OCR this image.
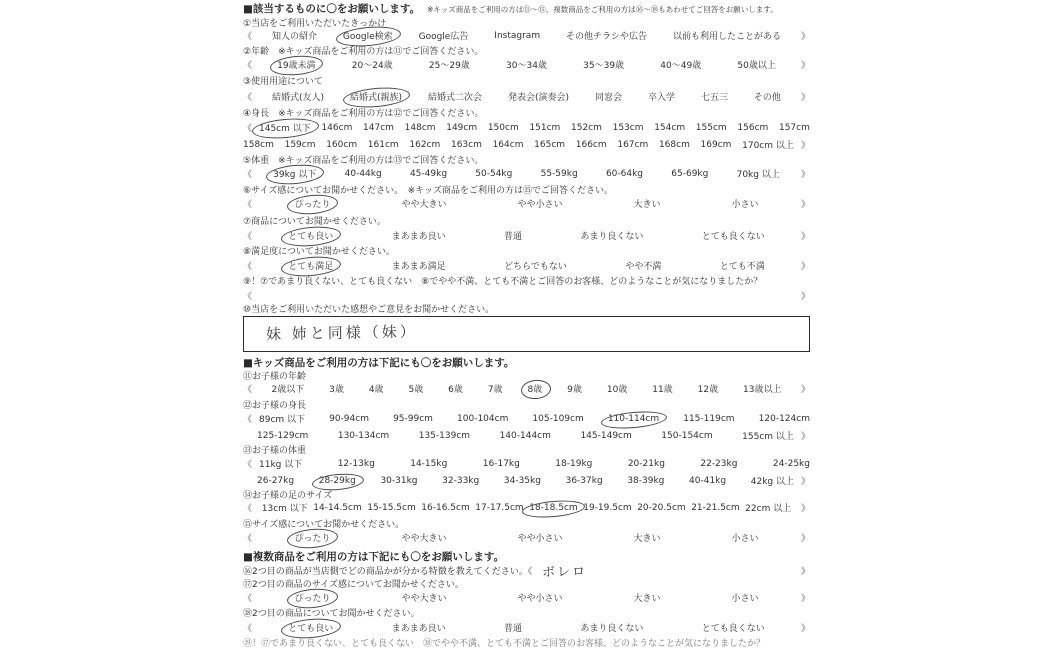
■該当するものに〇をお願いします。 ※キッズ商品をご利用の方は⑪～⑮、複数商品をご利用の方は⑯～⑱もあわせてご回答をお願いします。
①当店をご利用いただいたきっかけ
《	知人の紹介	Google検索	Google広告	Instagram	その他チラシや広告	以前も利用したことがある	》
②年齢　※キッズ商品をご利用の方は⑪でご回答ください。
《	19歳未満	20〜24歳	25〜29歳	30〜34歳	35〜39歳	40〜49歳	50歳以上	》
③使用用途について
《	結婚式(友人)	結婚式(親族)	結婚式二次会	発表会(演奏会)	同窓会	卒入学	七五三	その他	》
④身長　※キッズ商品をご利用の方は⑫でご回答ください。
《 145cm 以下 146cm 147cm 148cm 149cm 150cm 151cm 152cm 153cm 154cm 155cm 156cm 157cm
158cm 159cm 160cm 161cm 162cm 163cm 164cm 165cm 166cm 167cm 168cm 169cm 170cm 以上 》
⑤体重　※キッズ商品をご利用の方は⑬でご回答ください。
《	39kg 以下	40-44kg	45-49kg	50-54kg	55-59kg	60-64kg	65-69kg	70kg 以上	》
⑥サイズ感についてお聞かせください。　※キッズ商品をご利用の方は⑮でご回答ください。
《	ぴったり	やや大きい	やや小さい	大きい	小さい	》
⑦商品についてお聞かせください。
《	とても良い	まあまあ良い	普通	あまり良くない	とても良くない	》
⑧満足度についてお聞かせください。
《	とても満足	まあまあ満足	どちらでもない	やや不満	とても不満	》
⑨！⑦であまり良くない、とても良くない　⑧でやや不満、とても不満とご回答のお客様、どのようなことが気になりましたか？
《	》
⑩当店をご利用いただいた感想やご意見をお聞かせください。
妹 姉と同様（妹）
■キッズ商品をご利用の方は下記にも〇をお願いします。
⑪お子様の年齢
《	2歳以下	3歳	4歳	5歳	6歳	7歳	8歳	9歳	10歳	11歳	12歳	13歳以上	》
⑫お子様の身長
《 89cm 以下	90-94cm	95-99cm	100-104cm	105-109cm	110-114cm	115-119cm	120-124cm
125-129cm	130-134cm	135-139cm	140-144cm	145-149cm	150-154cm	155cm 以上 》
⑬お子様の体重
《 11kg 以下	12-13kg	14-15kg	16-17kg	18-19kg	20-21kg	22-23kg	24-25kg
26-27kg	28-29kg	30-31kg	32-33kg	34-35kg	36-37kg	38-39kg	40-41kg	42kg 以上 》
⑭お子様の足のサイズ
《	13cm 以下 14-14.5cm 15-15.5cm 16-16.5cm 17-17.5cm 18-18.5cm 19-19.5cm 20-20.5cm 21-21.5cm 22cm 以上	》
⑮サイズ感についてお聞かせください。
《	ぴったり	やや大きい	やや小さい	大きい	小さい	》
■複数商品をご利用の方は下記にも〇をお願いします。
⑯2つ目の商品が当店側でどの商品かが分かる特徴を教えてください。《 ボレロ	》
⑰2つ目の商品のサイズ感についてお聞かせください。
《	ぴったり	やや大きい	やや小さい	大きい	小さい	》
⑱2つ目の商品についてお聞かせください。
《	とても良い	まあまあ良い	普通	あまり良くない	とても良くない	》
⑲！⑰であまり良くない、とても良くない　⑱でやや不満、とても不満とご回答のお客様、どのようなことが気になりましたか？
